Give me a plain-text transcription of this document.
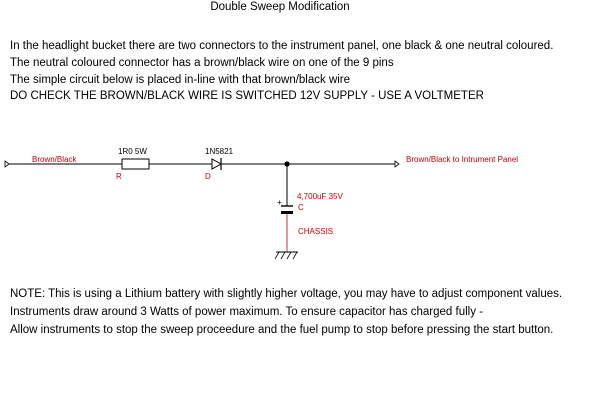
Double Sweep Modification
In the headlight bucket there are two connectors to the instrument panel, one black & one neutral coloured.
The neutral coloured connector has a brown/black wire on one of the 9 pins
The simple circuit below is placed in-line with that brown/black wire
DO CHECK THE BROWN/BLACK WIRE IS SWITCHED 12V SUPPLY - USE A VOLTMETER
+
Brown/Black
1R0 5W
R
1N5821
D
Brown/Black to Intrument Panel
4,700uF 35V
C
CHASSIS
NOTE: This is using a Lithium battery with slightly higher voltage, you may have to adjust component values.
Instruments draw around 3 Watts of power maximum. To ensure capacitor has charged fully -
Allow instruments to stop the sweep proceedure and the fuel pump to stop before pressing the start button.
